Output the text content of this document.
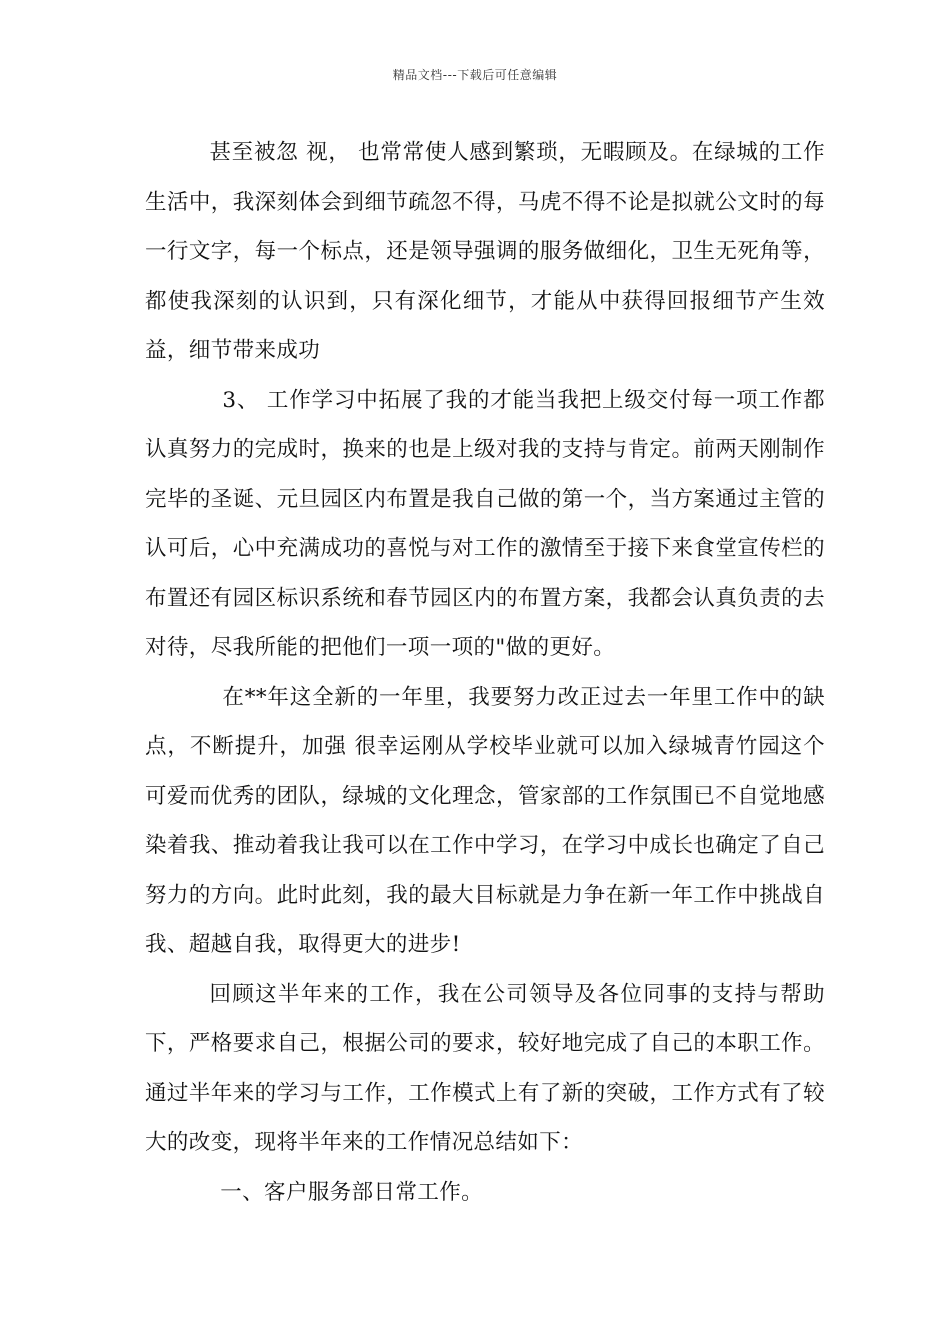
精品文档---下载后可任意编辑

甚至被忽 视， 也常常使人感到繁琐，无暇顾及。在绿城的工作生活中，我深刻体会到细节疏忽不得，马虎不得不论是拟就公文时的每一行文字，每一个标点，还是领导强调的服务做细化，卫生无死角等，都使我深刻的认识到，只有深化细节，才能从中获得回报细节产生效益，细节带来成功

3、 工作学习中拓展了我的才能当我把上级交付每一项工作都认真努力的完成时，换来的也是上级对我的支持与肯定。前两天刚制作完毕的圣诞、元旦园区内布置是我自己做的第一个，当方案通过主管的认可后，心中充满成功的喜悦与对工作的激情至于接下来食堂宣传栏的布置还有园区标识系统和春节园区内的布置方案，我都会认真负责的去对待，尽我所能的把他们一项一项的"做的更好。

在**年这全新的一年里，我要努力改正过去一年里工作中的缺点，不断提升，加强 很幸运刚从学校毕业就可以加入绿城青竹园这个可爱而优秀的团队，绿城的文化理念，管家部的工作氛围已不自觉地感染着我、推动着我让我可以在工作中学习，在学习中成长也确定了自己努力的方向。此时此刻，我的最大目标就是力争在新一年工作中挑战自我、超越自我，取得更大的进步!

回顾这半年来的工作，我在公司领导及各位同事的支持与帮助下，严格要求自己，根据公司的要求，较好地完成了自己的本职工作。通过半年来的学习与工作，工作模式上有了新的突破，工作方式有了较大的改变，现将半年来的工作情况总结如下：

一、客户服务部日常工作。
